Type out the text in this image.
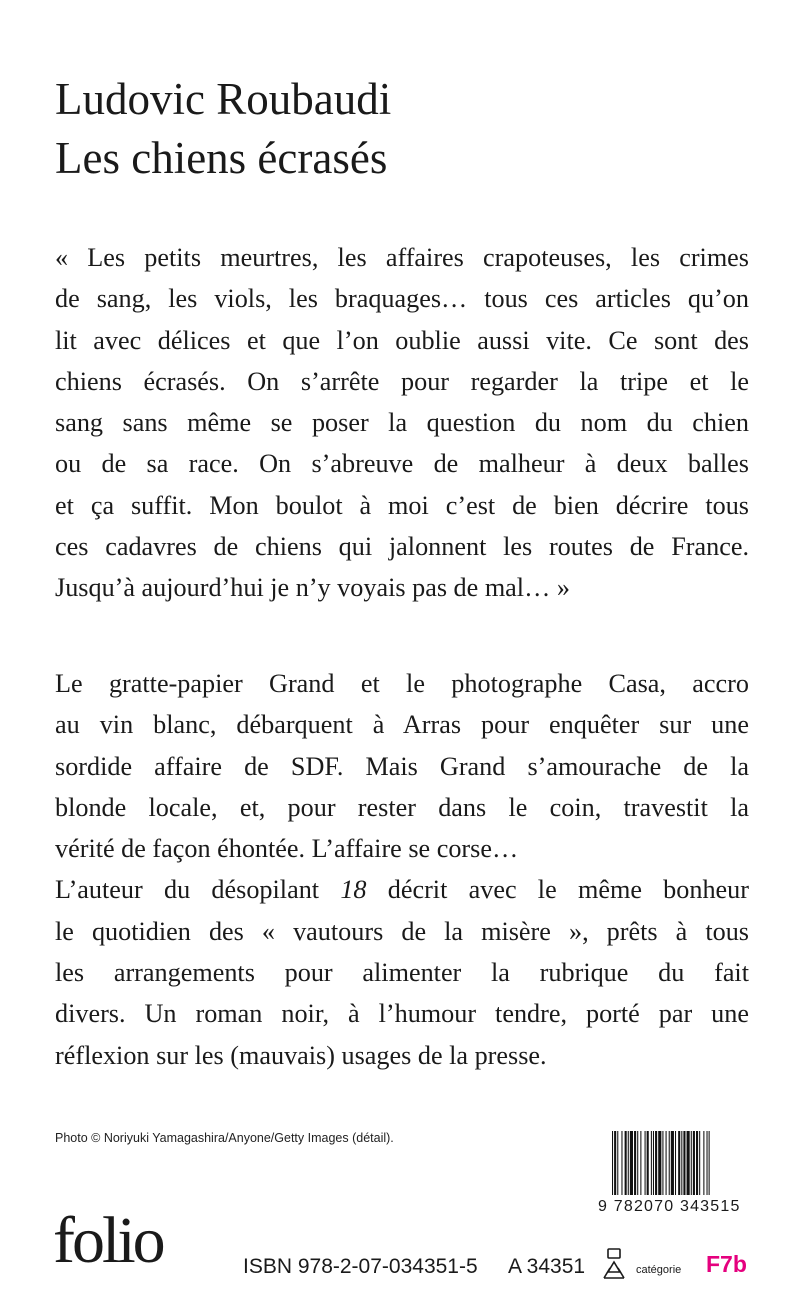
Ludovic Roubaudi
Les chiens écrasés
« Les petits meurtres, les affaires crapoteuses, les crimes
de sang, les viols, les braquages… tous ces articles qu’on
lit avec délices et que l’on oublie aussi vite. Ce sont des
chiens écrasés. On s’arrête pour regarder la tripe et le
sang sans même se poser la question du nom du chien
ou de sa race. On s’abreuve de malheur à deux balles
et ça suffit. Mon boulot à moi c’est de bien décrire tous
ces cadavres de chiens qui jalonnent les routes de France.
Jusqu’à aujourd’hui je n’y voyais pas de mal… »
Le gratte-papier Grand et le photographe Casa, accro
au vin blanc, débarquent à Arras pour enquêter sur une
sordide affaire de SDF. Mais Grand s’amourache de la
blonde locale, et, pour rester dans le coin, travestit la
vérité de façon éhontée. L’affaire se corse…
L’auteur du désopilant 18 décrit avec le même bonheur
le quotidien des « vautours de la misère », prêts à tous
les arrangements pour alimenter la rubrique du fait
divers. Un roman noir, à l’humour tendre, porté par une
réflexion sur les (mauvais) usages de la presse.
Photo © Noriyuki Yamagashira/Anyone/Getty Images (détail).
9 782070 343515
folio	ISBN 978-2-07-034351-5 A 34351	catégorie F7b
